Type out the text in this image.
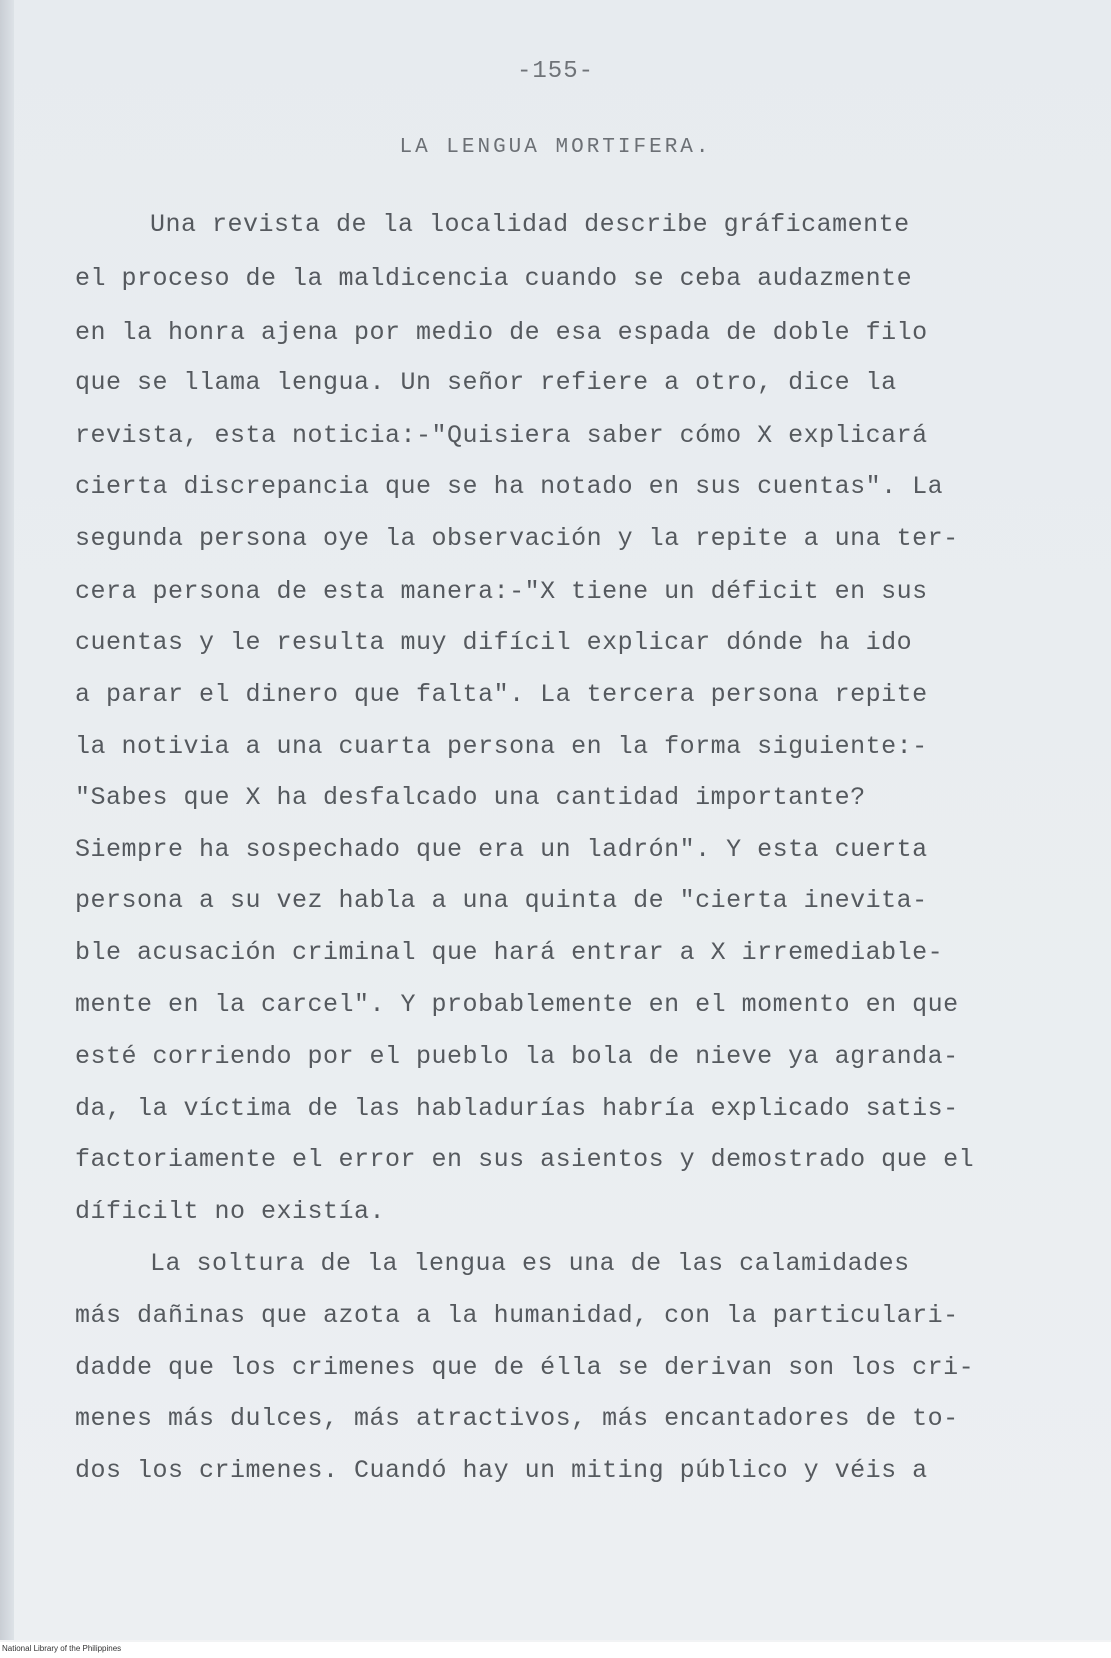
-155-
LA LENGUA MORTIFERA.
Una revista de la localidad describe gráficamente
el proceso de la maldicencia cuando se ceba audazmente
en la honra ajena por medio de esa espada de doble filo
que se llama lengua. Un señor refiere a otro, dice la
revista, esta noticia:-"Quisiera saber cómo X explicará
cierta discrepancia que se ha notado en sus cuentas". La
segunda persona oye la observación y la repite a una ter-
cera persona de esta manera:-"X tiene un déficit en sus
cuentas y le resulta muy difícil explicar dónde ha ido
a parar el dinero que falta". La tercera persona repite
la notivia a una cuarta persona en la forma siguiente:-
"Sabes que X ha desfalcado una cantidad importante?
Siempre ha sospechado que era un ladrón". Y esta cuerta
persona a su vez habla a una quinta de "cierta inevita-
ble acusación criminal que hará entrar a X irremediable-
mente en la carcel". Y probablemente en el momento en que
esté corriendo por el pueblo la bola de nieve ya agranda-
da, la víctima de las habladurías habría explicado satis-
factoriamente el error en sus asientos y demostrado que el
díficilt no existía.
La soltura de la lengua es una de las calamidades
más dañinas que azota a la humanidad, con la particulari-
dadde que los crimenes que de élla se derivan son los cri-
menes más dulces, más atractivos, más encantadores de to-
dos los crimenes. Cuandó hay un miting público y véis a
National Library of the Philippines
